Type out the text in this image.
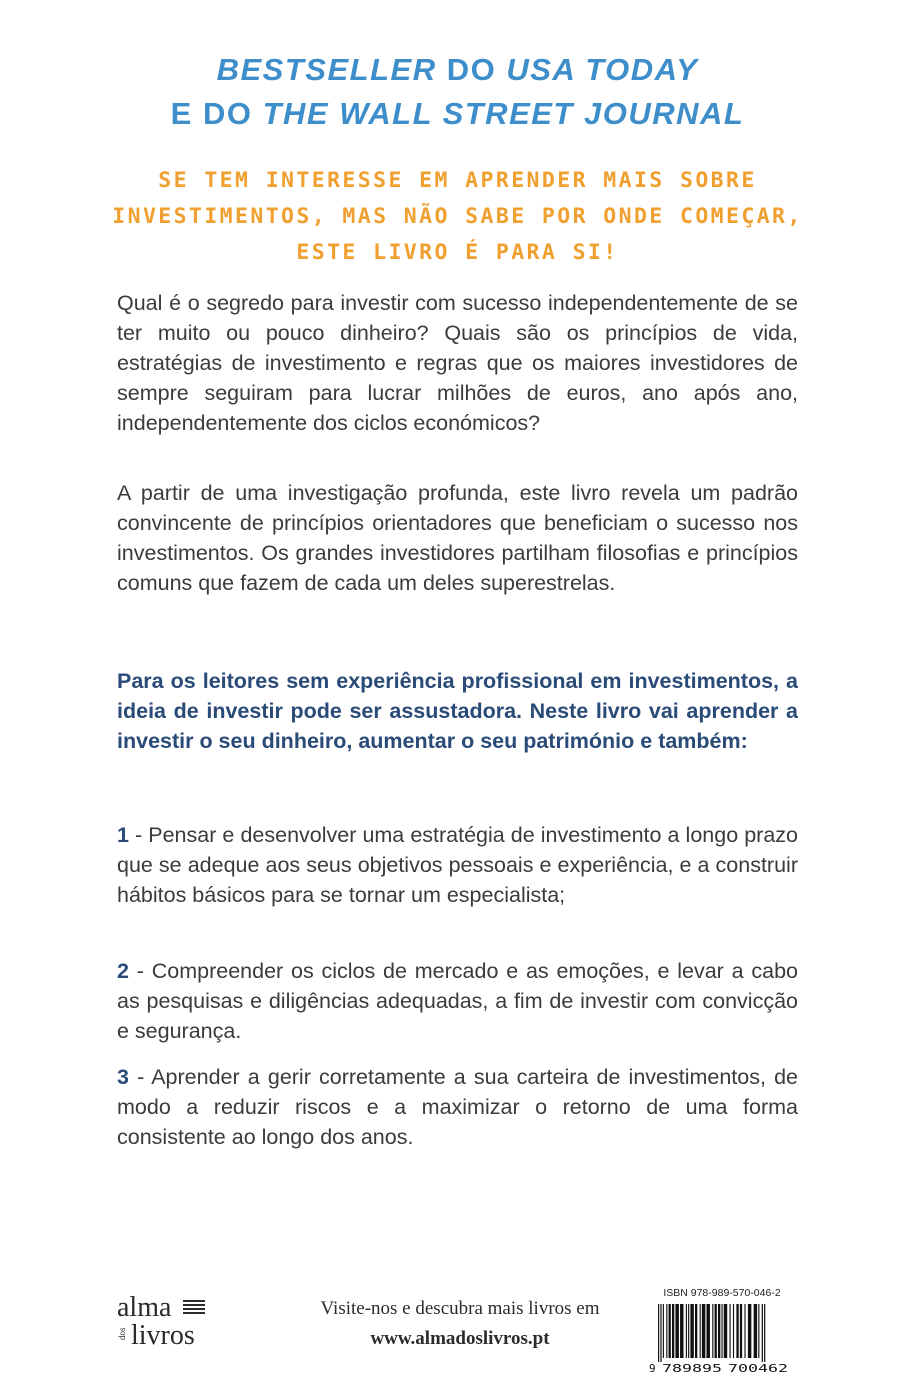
BESTSELLER DO USA TODAY
E DO THE WALL STREET JOURNAL
SE TEM INTERESSE EM APRENDER MAIS SOBRE
INVESTIMENTOS, MAS NÃO SABE POR ONDE COMEÇAR,
ESTE LIVRO É PARA SI!

Qual é o segredo para investir com sucesso independentemente de se ter muito ou pouco dinheiro? Quais são os princípios de vida, estratégias de investimento e regras que os maiores investidores de sempre seguiram para lucrar milhões de euros, ano após ano, independentemente dos ciclos económicos?

A partir de uma investigação profunda, este livro revela um padrão convincente de princípios orientadores que beneficiam o sucesso nos investimentos. Os grandes investidores partilham filosofias e princípios comuns que fazem de cada um deles superestrelas.

Para os leitores sem experiência profissional em investimentos, a ideia de investir pode ser assustadora. Neste livro vai aprender a investir o seu dinheiro, aumentar o seu património e também:

1 - Pensar e desenvolver uma estratégia de investimento a longo prazo que se adeque aos seus objetivos pessoais e experiência, e a construir hábitos básicos para se tornar um especialista;

2 - Compreender os ciclos de mercado e as emoções, e levar a cabo as pesquisas e diligências adequadas, a fim de investir com convicção e segurança.

3 - Aprender a gerir corretamente a sua carteira de investimentos, de modo a reduzir riscos e a maximizar o retorno de uma forma consistente ao longo dos anos.

alma
dos livros
Visite-nos e descubra mais livros em
www.almadoslivros.pt
ISBN 978-989-570-046-2
9 789895 700462
